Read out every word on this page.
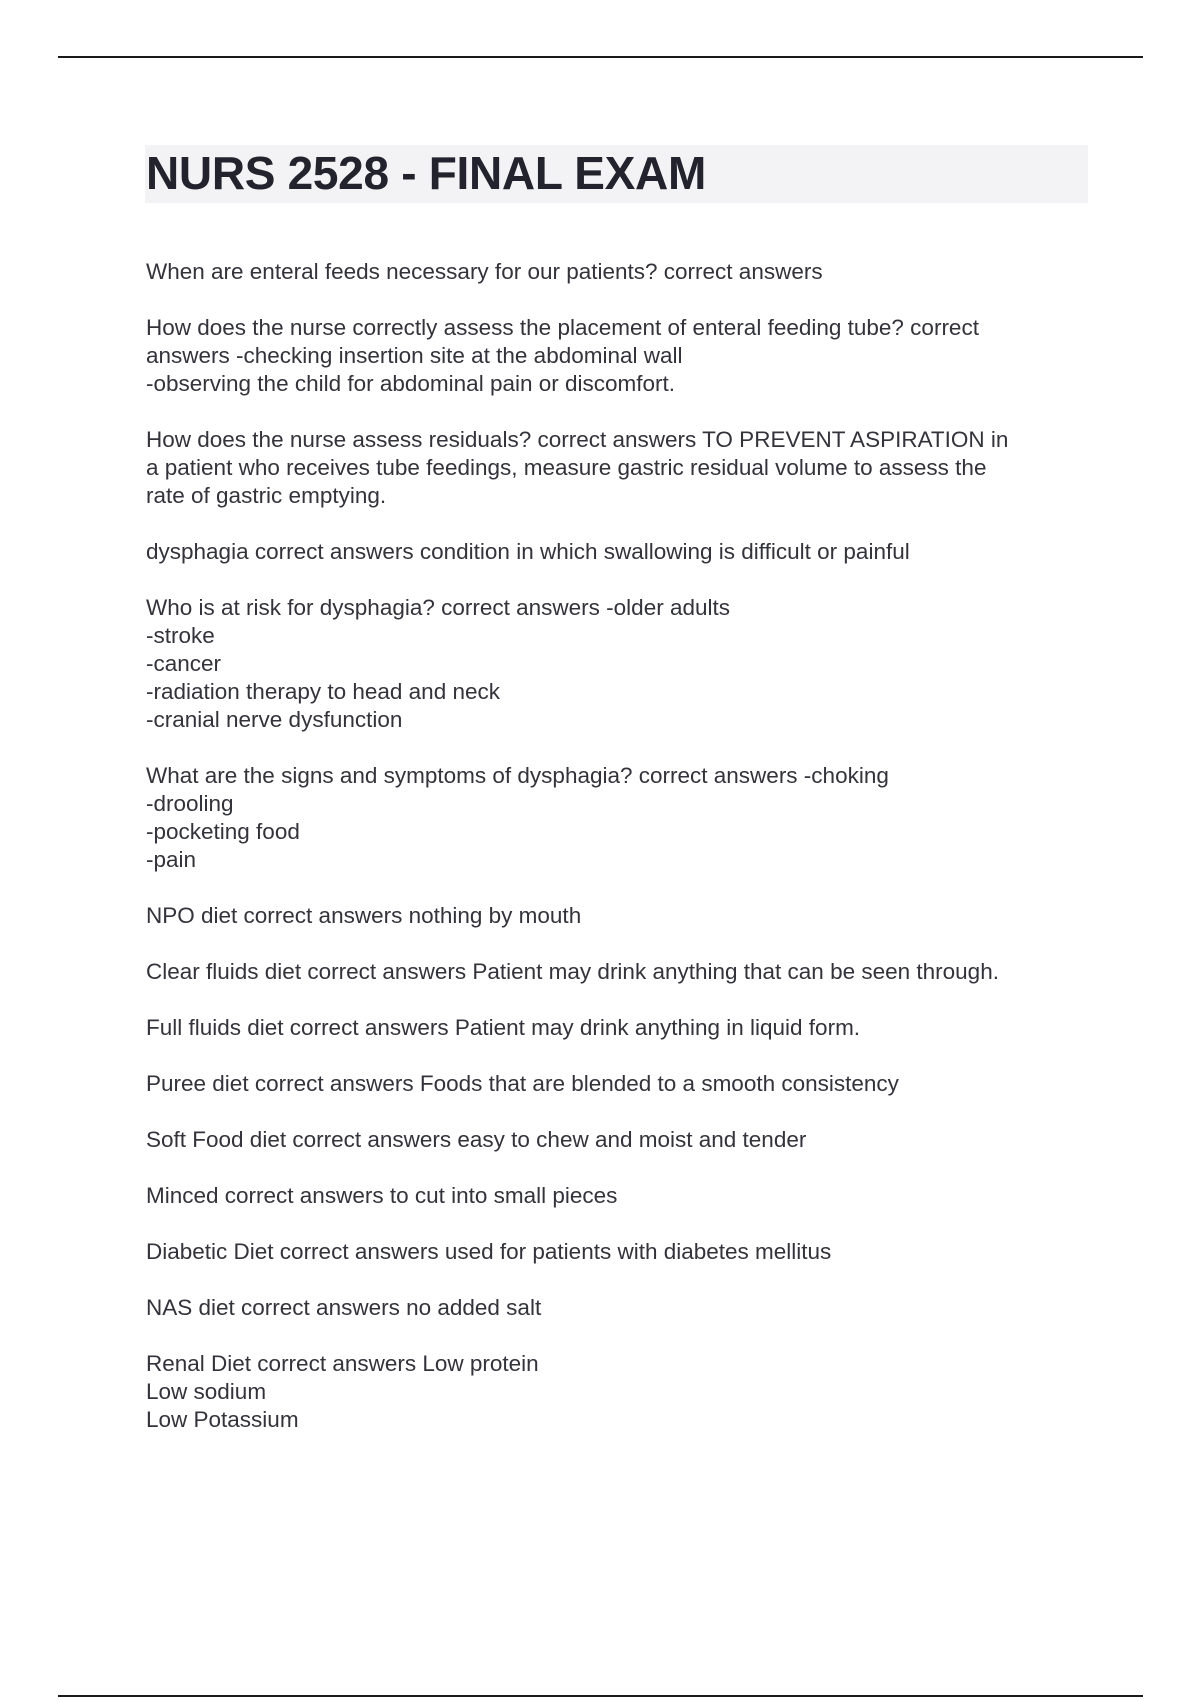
NURS 2528 - FINAL EXAM

When are enteral feeds necessary for our patients? correct answers

How does the nurse correctly assess the placement of enteral feeding tube? correct
answers -checking insertion site at the abdominal wall
-observing the child for abdominal pain or discomfort.

How does the nurse assess residuals? correct answers TO PREVENT ASPIRATION in
a patient who receives tube feedings, measure gastric residual volume to assess the
rate of gastric emptying.

dysphagia correct answers condition in which swallowing is difficult or painful

Who is at risk for dysphagia? correct answers -older adults
-stroke
-cancer
-radiation therapy to head and neck
-cranial nerve dysfunction

What are the signs and symptoms of dysphagia? correct answers -choking
-drooling
-pocketing food
-pain

NPO diet correct answers nothing by mouth

Clear fluids diet correct answers Patient may drink anything that can be seen through.

Full fluids diet correct answers Patient may drink anything in liquid form.

Puree diet correct answers Foods that are blended to a smooth consistency

Soft Food diet correct answers easy to chew and moist and tender

Minced correct answers to cut into small pieces

Diabetic Diet correct answers used for patients with diabetes mellitus

NAS diet correct answers no added salt

Renal Diet correct answers Low protein
Low sodium
Low Potassium
